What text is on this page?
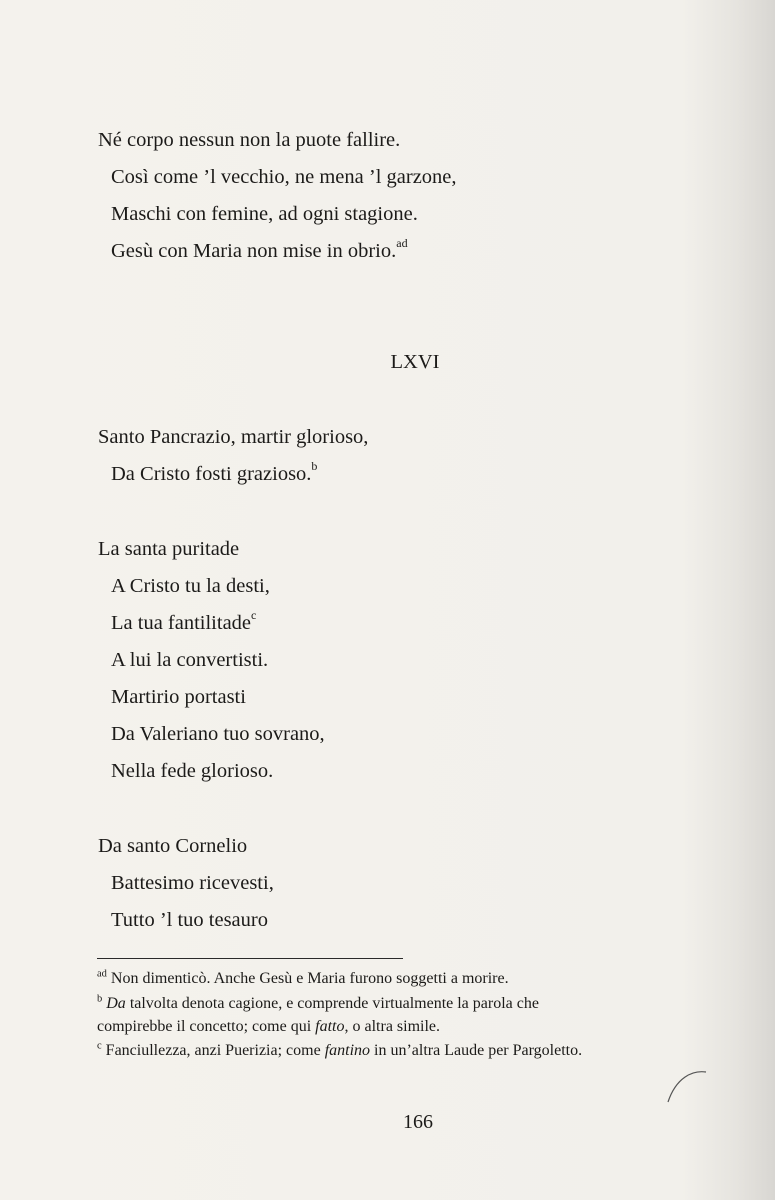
Né corpo nessun non la puote fallire.
Così come ’l vecchio, ne mena ’l garzone,
Maschi con femine, ad ogni stagione.
Gesù con Maria non mise in obrio.$^{ad}$
LXVI
Santo Pancrazio, martir glorioso,
Da Cristo fosti grazioso.$^b$
La santa puritade
A Cristo tu la desti,
La tua fantilitade$^c$
A lui la convertisti.
Martirio portasti
Da Valeriano tuo sovrano,
Nella fede glorioso.
Da santo Cornelio
Battesimo ricevesti,
Tutto ’l tuo tesauro
$^{ad}$ Non dimenticò. Anche Gesù e Maria furono soggetti a morire.
$^b$ Da talvolta denota cagione, e comprende virtualmente la parola che
compirebbe il concetto; come qui fatto, o altra simile.
$^c$ Fanciullezza, anzi Puerizia; come fantino in un’altra Laude per Pargoletto.
166
